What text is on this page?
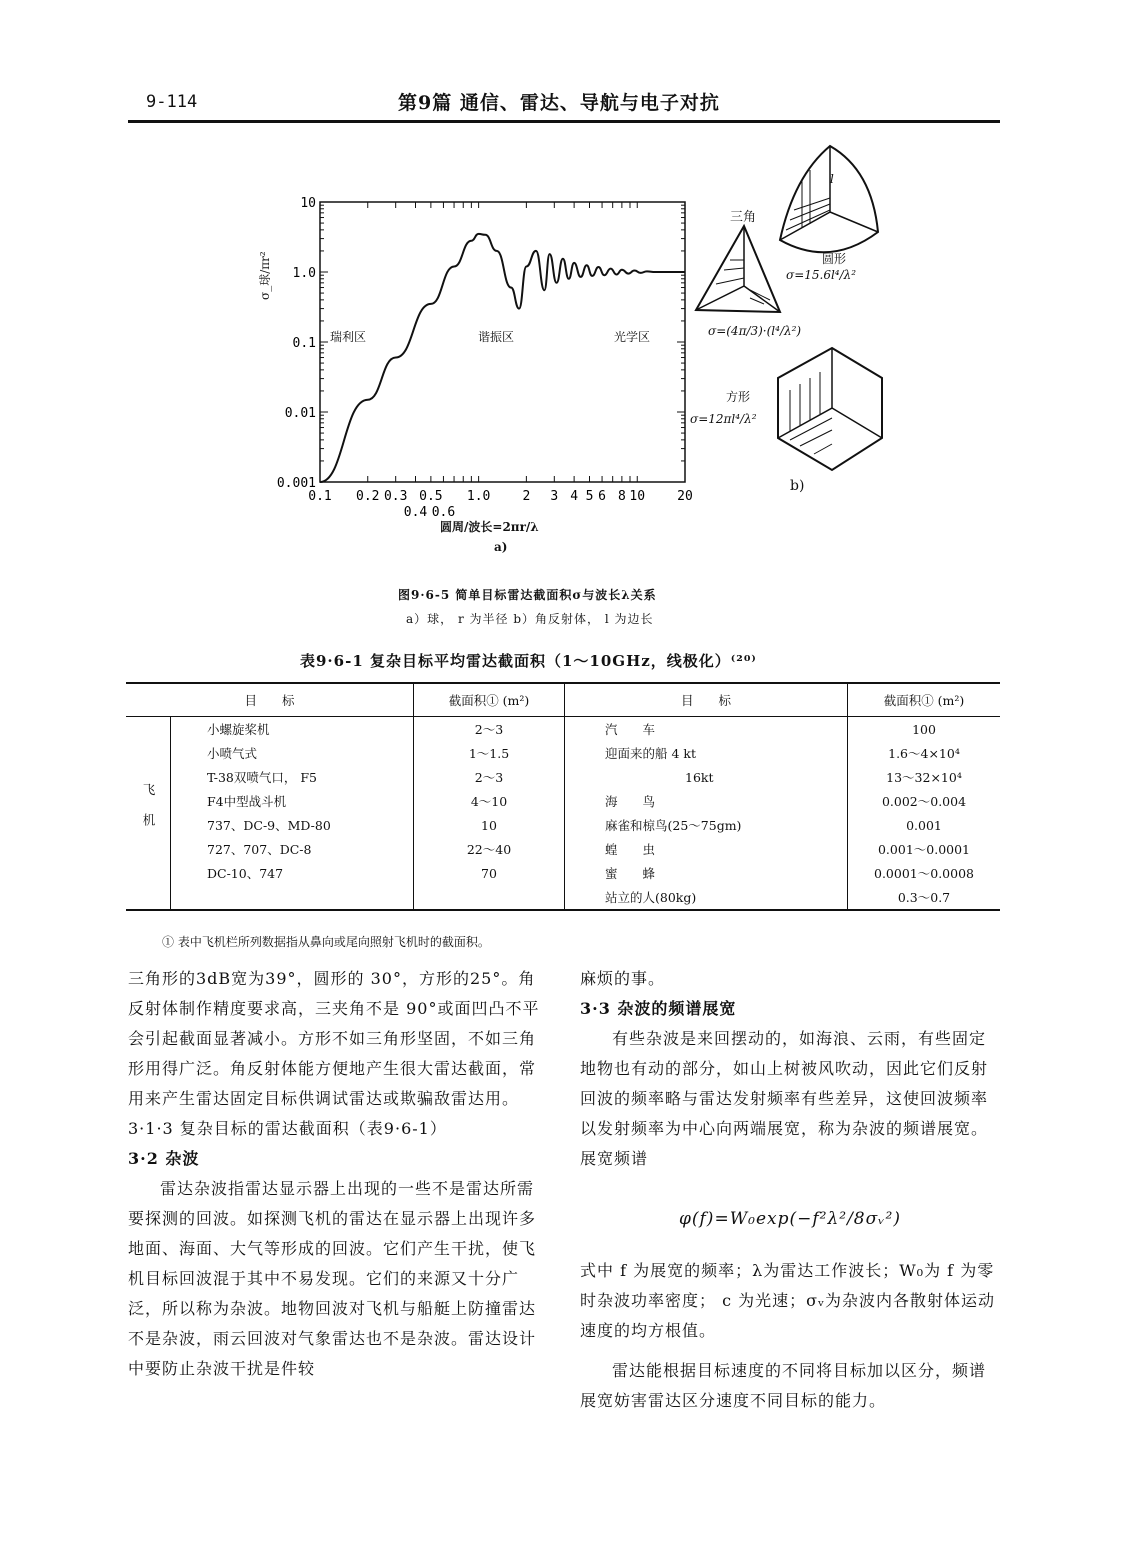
9-114	第9篇 通信、雷达、导航与电子对抗
10
1.0
0.1
0.01
0.001
0.1 0.2 0.3 0.5 1.0 2 3 4 5 6 8 10 20
0.4 0.6
σ_球/πr²
瑞利区	谐振区	光学区
圆周/波长=2πr/λ
a)
三角
圆形
σ=15.6l⁴/λ²
σ=(4π/3)·(l⁴/λ²)
方形
σ=12πl⁴/λ²
l
b)
图9·6-5 简单目标雷达截面积σ与波长λ关系
a）球， r 为半径 b）角反射体， l 为边长
表9·6-1 复杂目标平均雷达截面积（1～10GHz，线极化）⁽²⁰⁾
目　　标		截面积① (m²)	目　　标	截面积① (m²)
飞机	小螺旋桨机	2～3	汽　　车	100
	小喷气式	1～1.5	迎面来的船 4 kt	1.6～4×10⁴
	T-38双喷气口， F5	2～3	16kt	13～32×10⁴
	F4中型战斗机	4～10	海　　鸟	0.002～0.004
	737、DC-9、MD-80	10	麻雀和椋鸟(25～75gm)	0.001
	727、707、DC-8	22～40	蝗　　虫	0.001～0.0001
	DC-10、747	70	蜜　　蜂	0.0001～0.0008
			站立的人(80kg)	0.3～0.7
① 表中飞机栏所列数据指从鼻向或尾向照射飞机时的截面积。
三角形的3dB宽为39°，圆形的 30°，方形的25°。角反射体制作精度要求高，三夹角不是 90°或面凹凸不平会引起截面显著减小。方形不如三角形坚固，不如三角形用得广泛。角反射体能方便地产生很大雷达截面，常用来产生雷达固定目标供调试雷达或欺骗敌雷达用。
3·1·3 复杂目标的雷达截面积（表9·6-1）
3·2 杂波
雷达杂波指雷达显示器上出现的一些不是雷达所需要探测的回波。如探测飞机的雷达在显示器上出现许多地面、海面、大气等形成的回波。它们产生干扰，使飞机目标回波混于其中不易发现。它们的来源又十分广泛，所以称为杂波。地物回波对飞机与船艇上防撞雷达不是杂波，雨云回波对气象雷达也不是杂波。雷达设计中要防止杂波干扰是件较
麻烦的事。
3·3 杂波的频谱展宽
有些杂波是来回摆动的，如海浪、云雨，有些固定地物也有动的部分，如山上树被风吹动，因此它们反射回波的频率略与雷达发射频率有些差异，这使回波频率以发射频率为中心向两端展宽，称为杂波的频谱展宽。展宽频谱
φ(f)=W₀exp(−f²λ²/8σᵥ²)
式中 f 为展宽的频率；λ为雷达工作波长；W₀为 f 为零时杂波功率密度； c 为光速；σᵥ为杂波内各散射体运动速度的均方根值。
雷达能根据目标速度的不同将目标加以区分，频谱展宽妨害雷达区分速度不同目标的能力。
